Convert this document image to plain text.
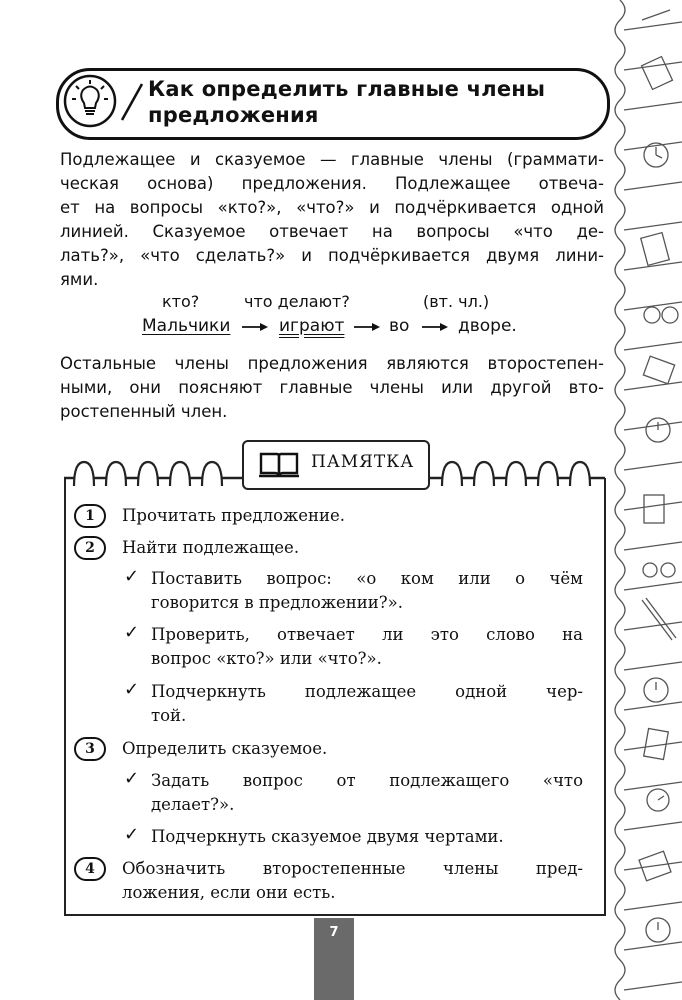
Как определить главные члены
предложения
Подлежащее и сказуемое — главные члены (граммати-
ческая основа) предложения. Подлежащее отвеча-
ет на вопросы «кто?», «что?» и подчёркивается одной
линией. Сказуемое отвечает на вопросы «что де-
лать?», «что сделать?» и подчёркивается двумя лини-
ями.
кто?	что делают?	(вт. чл.)
Мальчики	играют	во	дворе.
Остальные члены предложения являются второстепен-
ными, они поясняют главные члены или другой вто-
ростепенный член.
ПАМЯТКА
1	Прочитать предложение.
2	Найти подлежащее.
✓ Поставить вопрос: «о ком или о чём
говорится в предложении?».
✓ Проверить, отвечает ли это слово на
вопрос «кто?» или «что?».
✓ Подчеркнуть подлежащее одной чер-
той.
3	Определить сказуемое.
✓ Задать вопрос от подлежащего «что
делает?».
✓ Подчеркнуть сказуемое двумя чертами.
4	Обозначить второстепенные члены пред-
ложения, если они есть.
7
